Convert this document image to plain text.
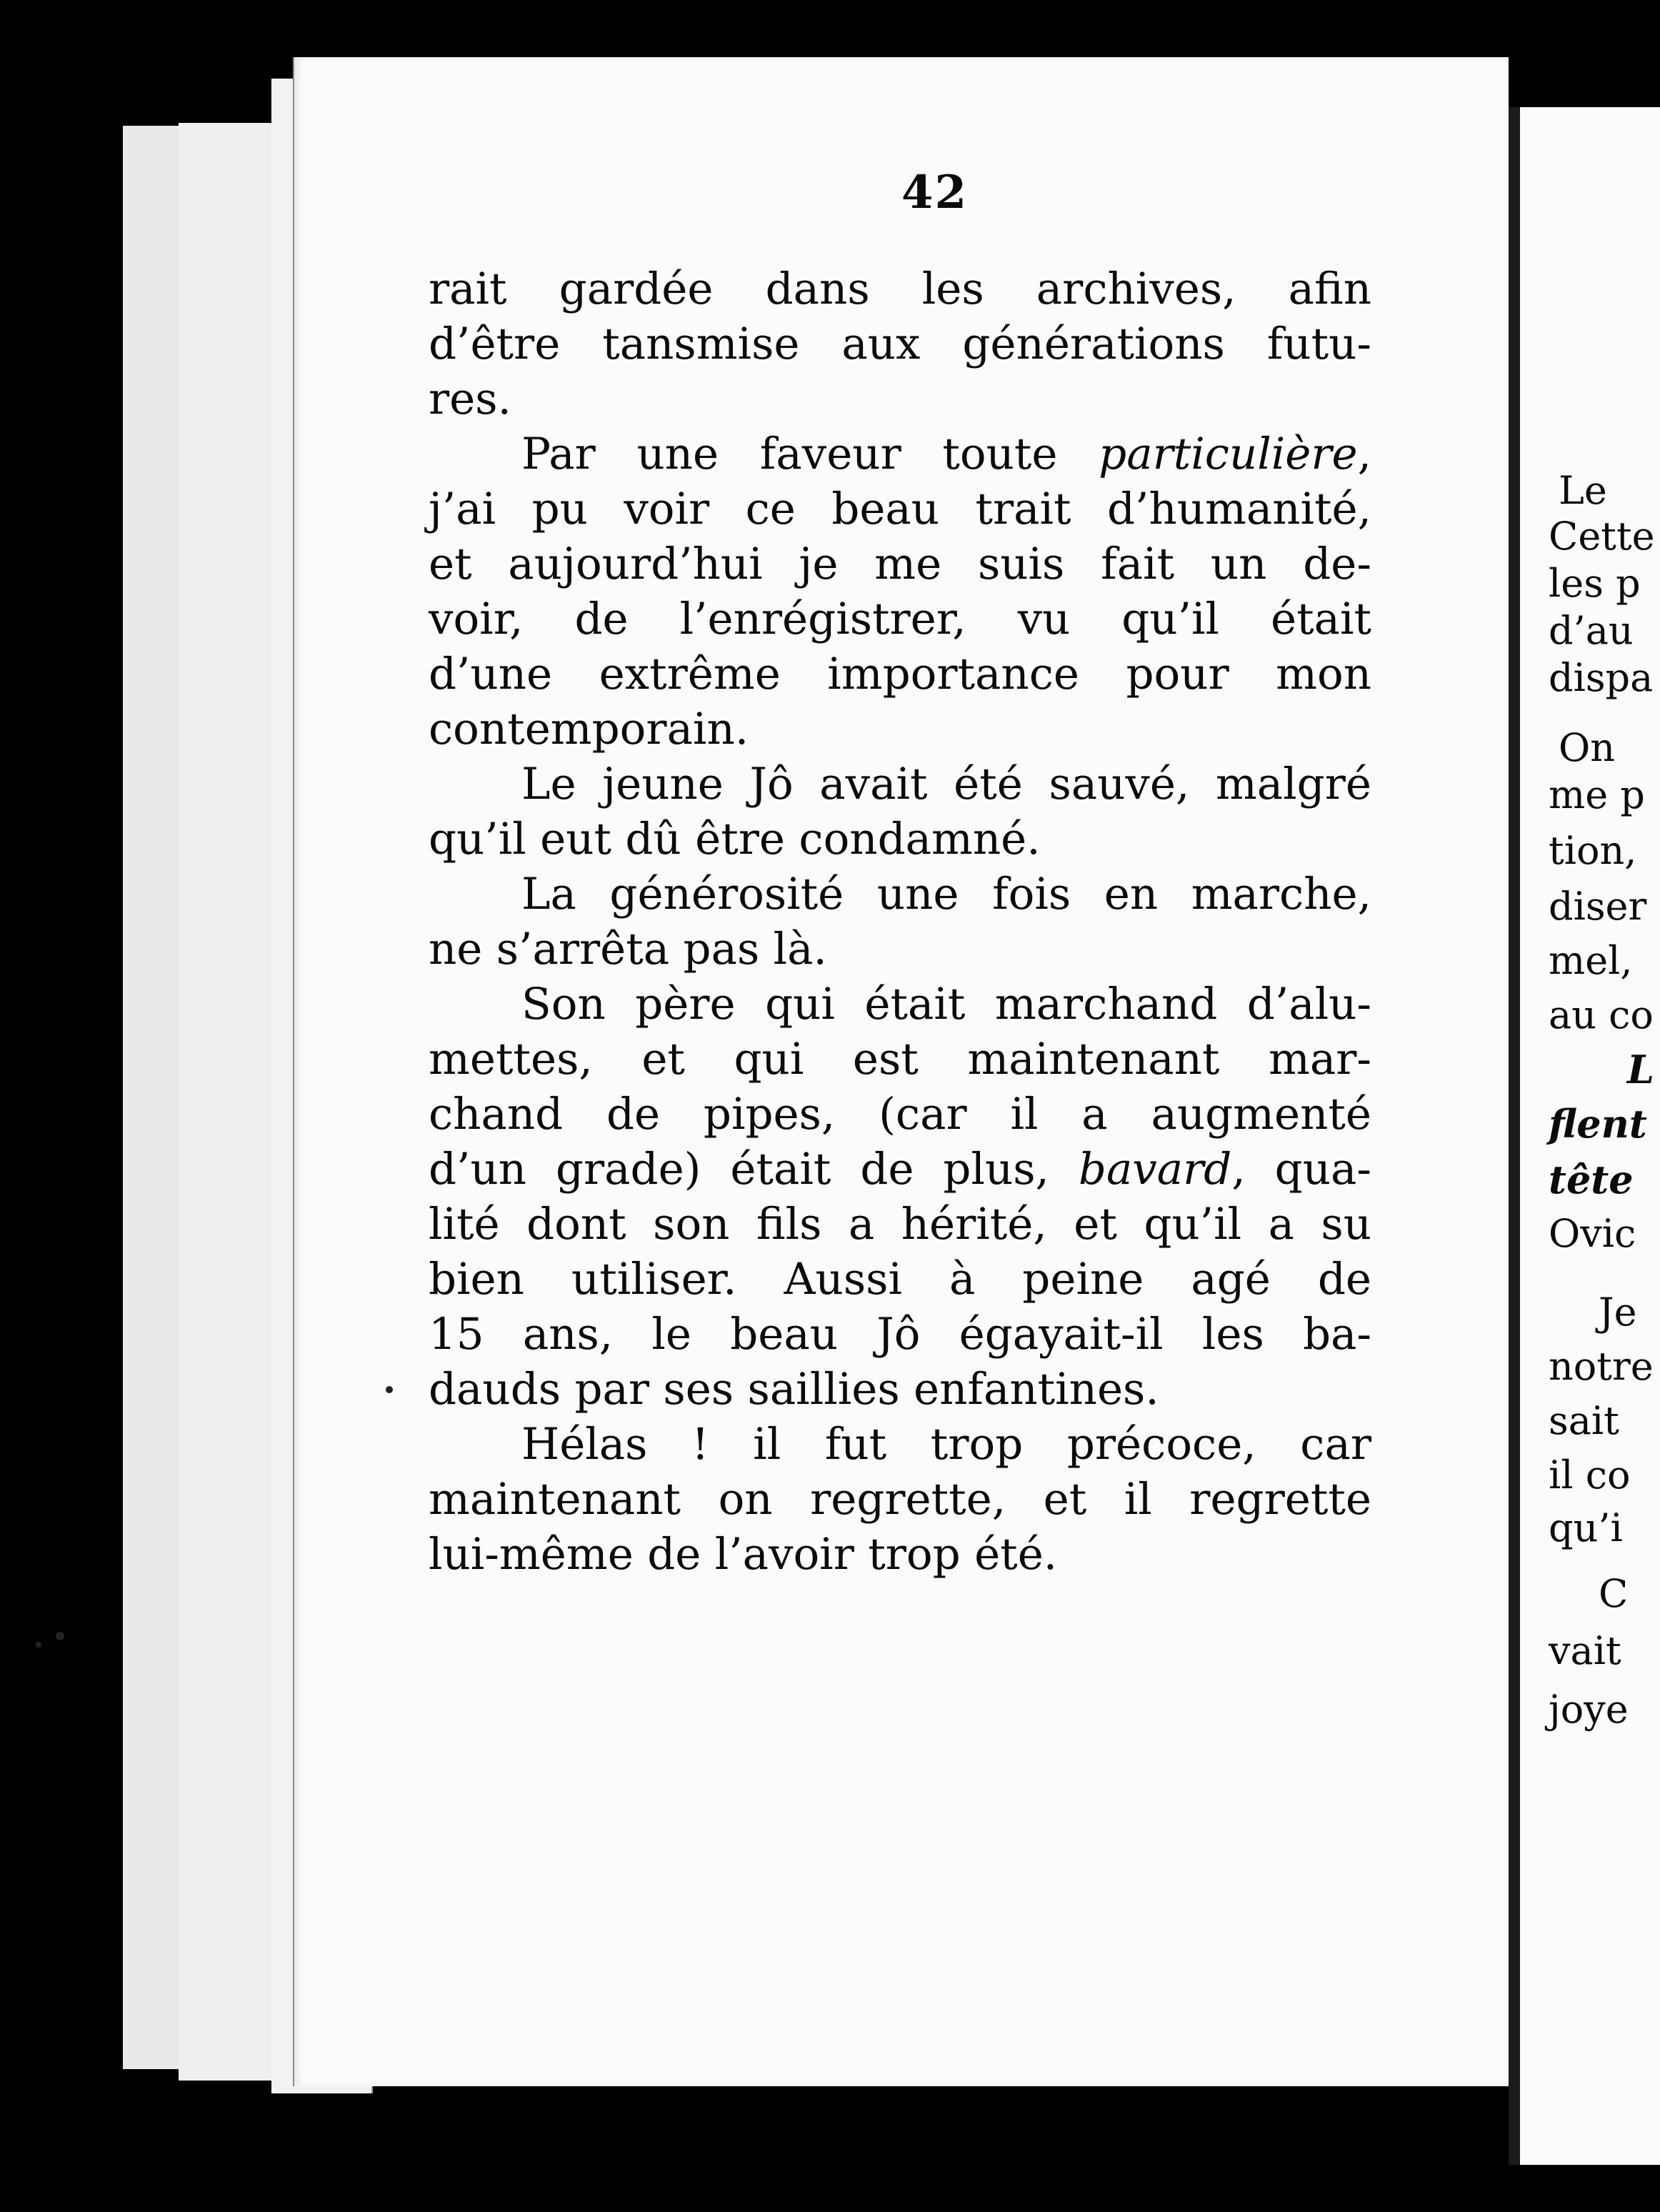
42
rait gardée dans les archives, afin
d’être tansmise aux générations futu-
res.
Par une faveur toute particulière,
j’ai pu voir ce beau trait d’humanité,
et aujourd’hui je me suis fait un de-
voir, de l’enrégistrer, vu qu’il était
d’une extrême importance pour mon
contemporain.
Le jeune Jô avait été sauvé, malgré
qu’il eut dû être condamné.
La générosité une fois en marche,
ne s’arrêta pas là.
Son père qui était marchand d’alu-
mettes, et qui est maintenant mar-
chand de pipes, (car il a augmenté
d’un grade) était de plus, bavard, qua-
lité dont son fils a hérité, et qu’il a su
bien utiliser. Aussi à peine agé de
15 ans, le beau Jô égayait-il les ba-
dauds par ses saillies enfantines.
Hélas ! il fut trop précoce, car
maintenant on regrette, et il regrette
lui-même de l’avoir trop été.
Le
Cette
les p
d’au
dispa
On
me p
tion,
diser
mel,
au co
L
flent
tête
Ovic
Je
notre
sait
il co
qu’i
C
vait
joye
